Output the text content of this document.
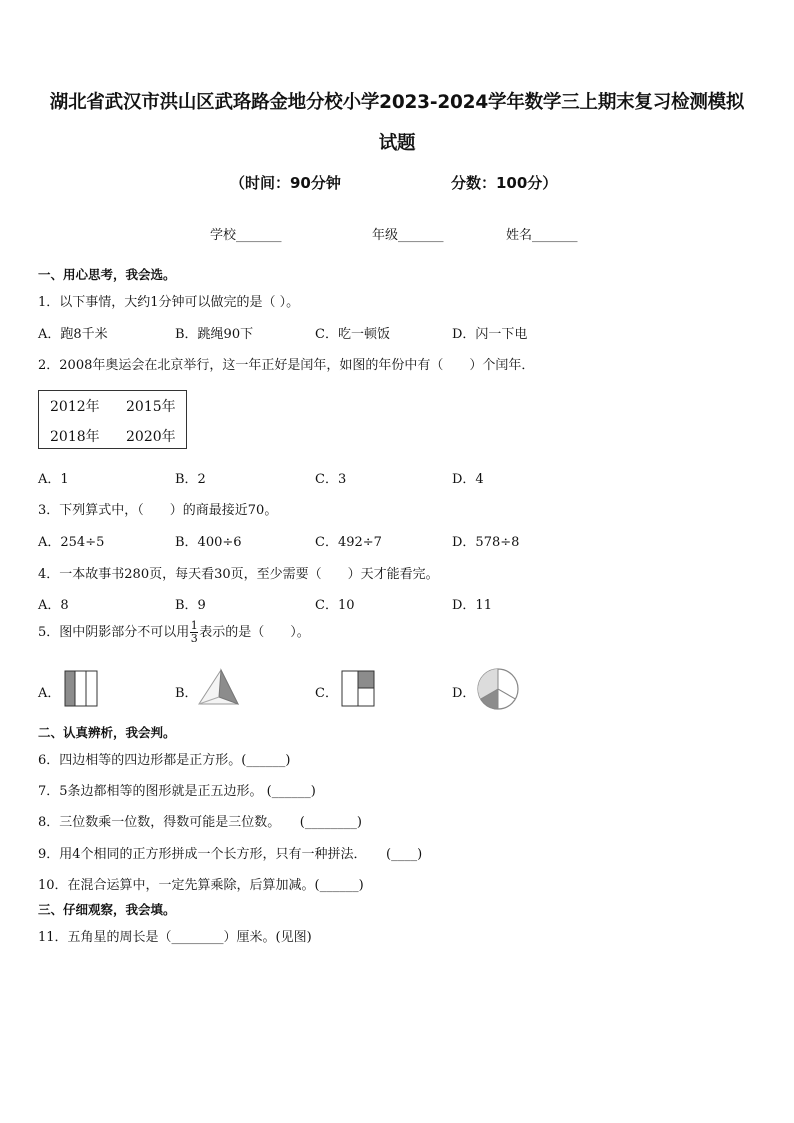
湖北省武汉市洪山区武珞路金地分校小学2023-2024学年数学三上期末复习检测模拟
试题
（时间：90分钟	分数：100分）
学校_______	年级_______	姓名_______
一、用心思考，我会选。
1．以下事情，大约1分钟可以做完的是（ ）。
A．跑8千米	B．跳绳90下	C．吃一顿饭	D．闪一下电
2．2008年奥运会在北京举行，这一年正好是闰年，如图的年份中有（　　）个闰年．
2012年 2015年
2018年 2020年
A．1	B．2	C．3	D．4
3．下列算式中，（　　）的商最接近70。
A．254÷5	B．400÷6	C．492÷7	D．578÷8
4．一本故事书280页，每天看30页，至少需要（　　）天才能看完。
A．8	B．9	C．10	D．11
5．图中阴影部分不可以用 $\frac{1}{3}$ 表示的是（　　）。
A．	B．	C．	D．
二、认真辨析，我会判。
6．四边相等的四边形都是正方形。(______)
7．5条边都相等的图形就是正五边形。 (______)
8．三位数乘一位数，得数可能是三位数。　　(________)
9．用4个相同的正方形拼成一个长方形，只有一种拼法．　　(____)
10．在混合运算中，一定先算乘除，后算加减。(______)
三、仔细观察，我会填。
11．五角星的周长是（________）厘米。(见图)
